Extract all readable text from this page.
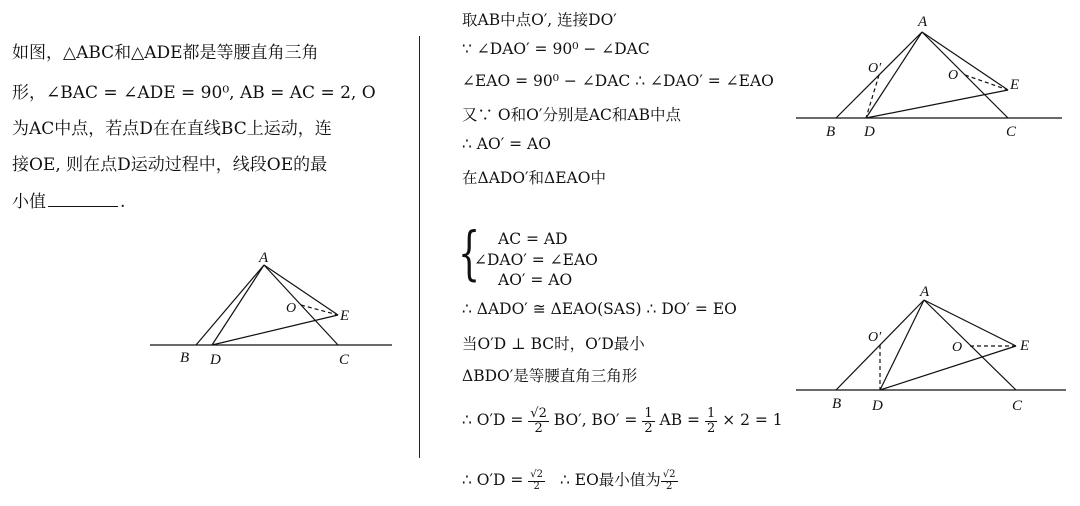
如图，△ABC和△ADE都是等腰直角三角
形，∠BAC = ∠ADE = 90⁰, AB = AC = 2, O
为AC中点，若点D在在直线BC上运动，连
接OE, 则在点D运动过程中，线段OE的最
小值	.
A
B D	C
E
O
取AB中点O′, 连接DO′
∵ ∠DAO′ = 90⁰ − ∠DAC
∠EAO = 90⁰ − ∠DAC ∴ ∠DAO′ = ∠EAO
又∵ O和O′分别是AC和AB中点
∴ AO′ = AO
在ΔADO′和ΔEAO中
{ AC = AD
∠DAO′ = ∠EAO
AO′ = AO
∴ ΔADO′ ≅ ΔEAO(SAS) ∴ DO′ = EO
当O′D ⊥ BC时，O′D最小
ΔBDO′是等腰直角三角形
∴ $O'D = \frac{√2}{2} BO'$, $BO' = \frac{1}{2}$ AB = $\frac{1}{2} \times 2 = 1$
∴ $O'D = \frac{√2}{2}$ ∴ EO最小值为 $\frac{√2}{2}$
A
B D	C
E
O
O′
A
B D	C
E
O
O′
